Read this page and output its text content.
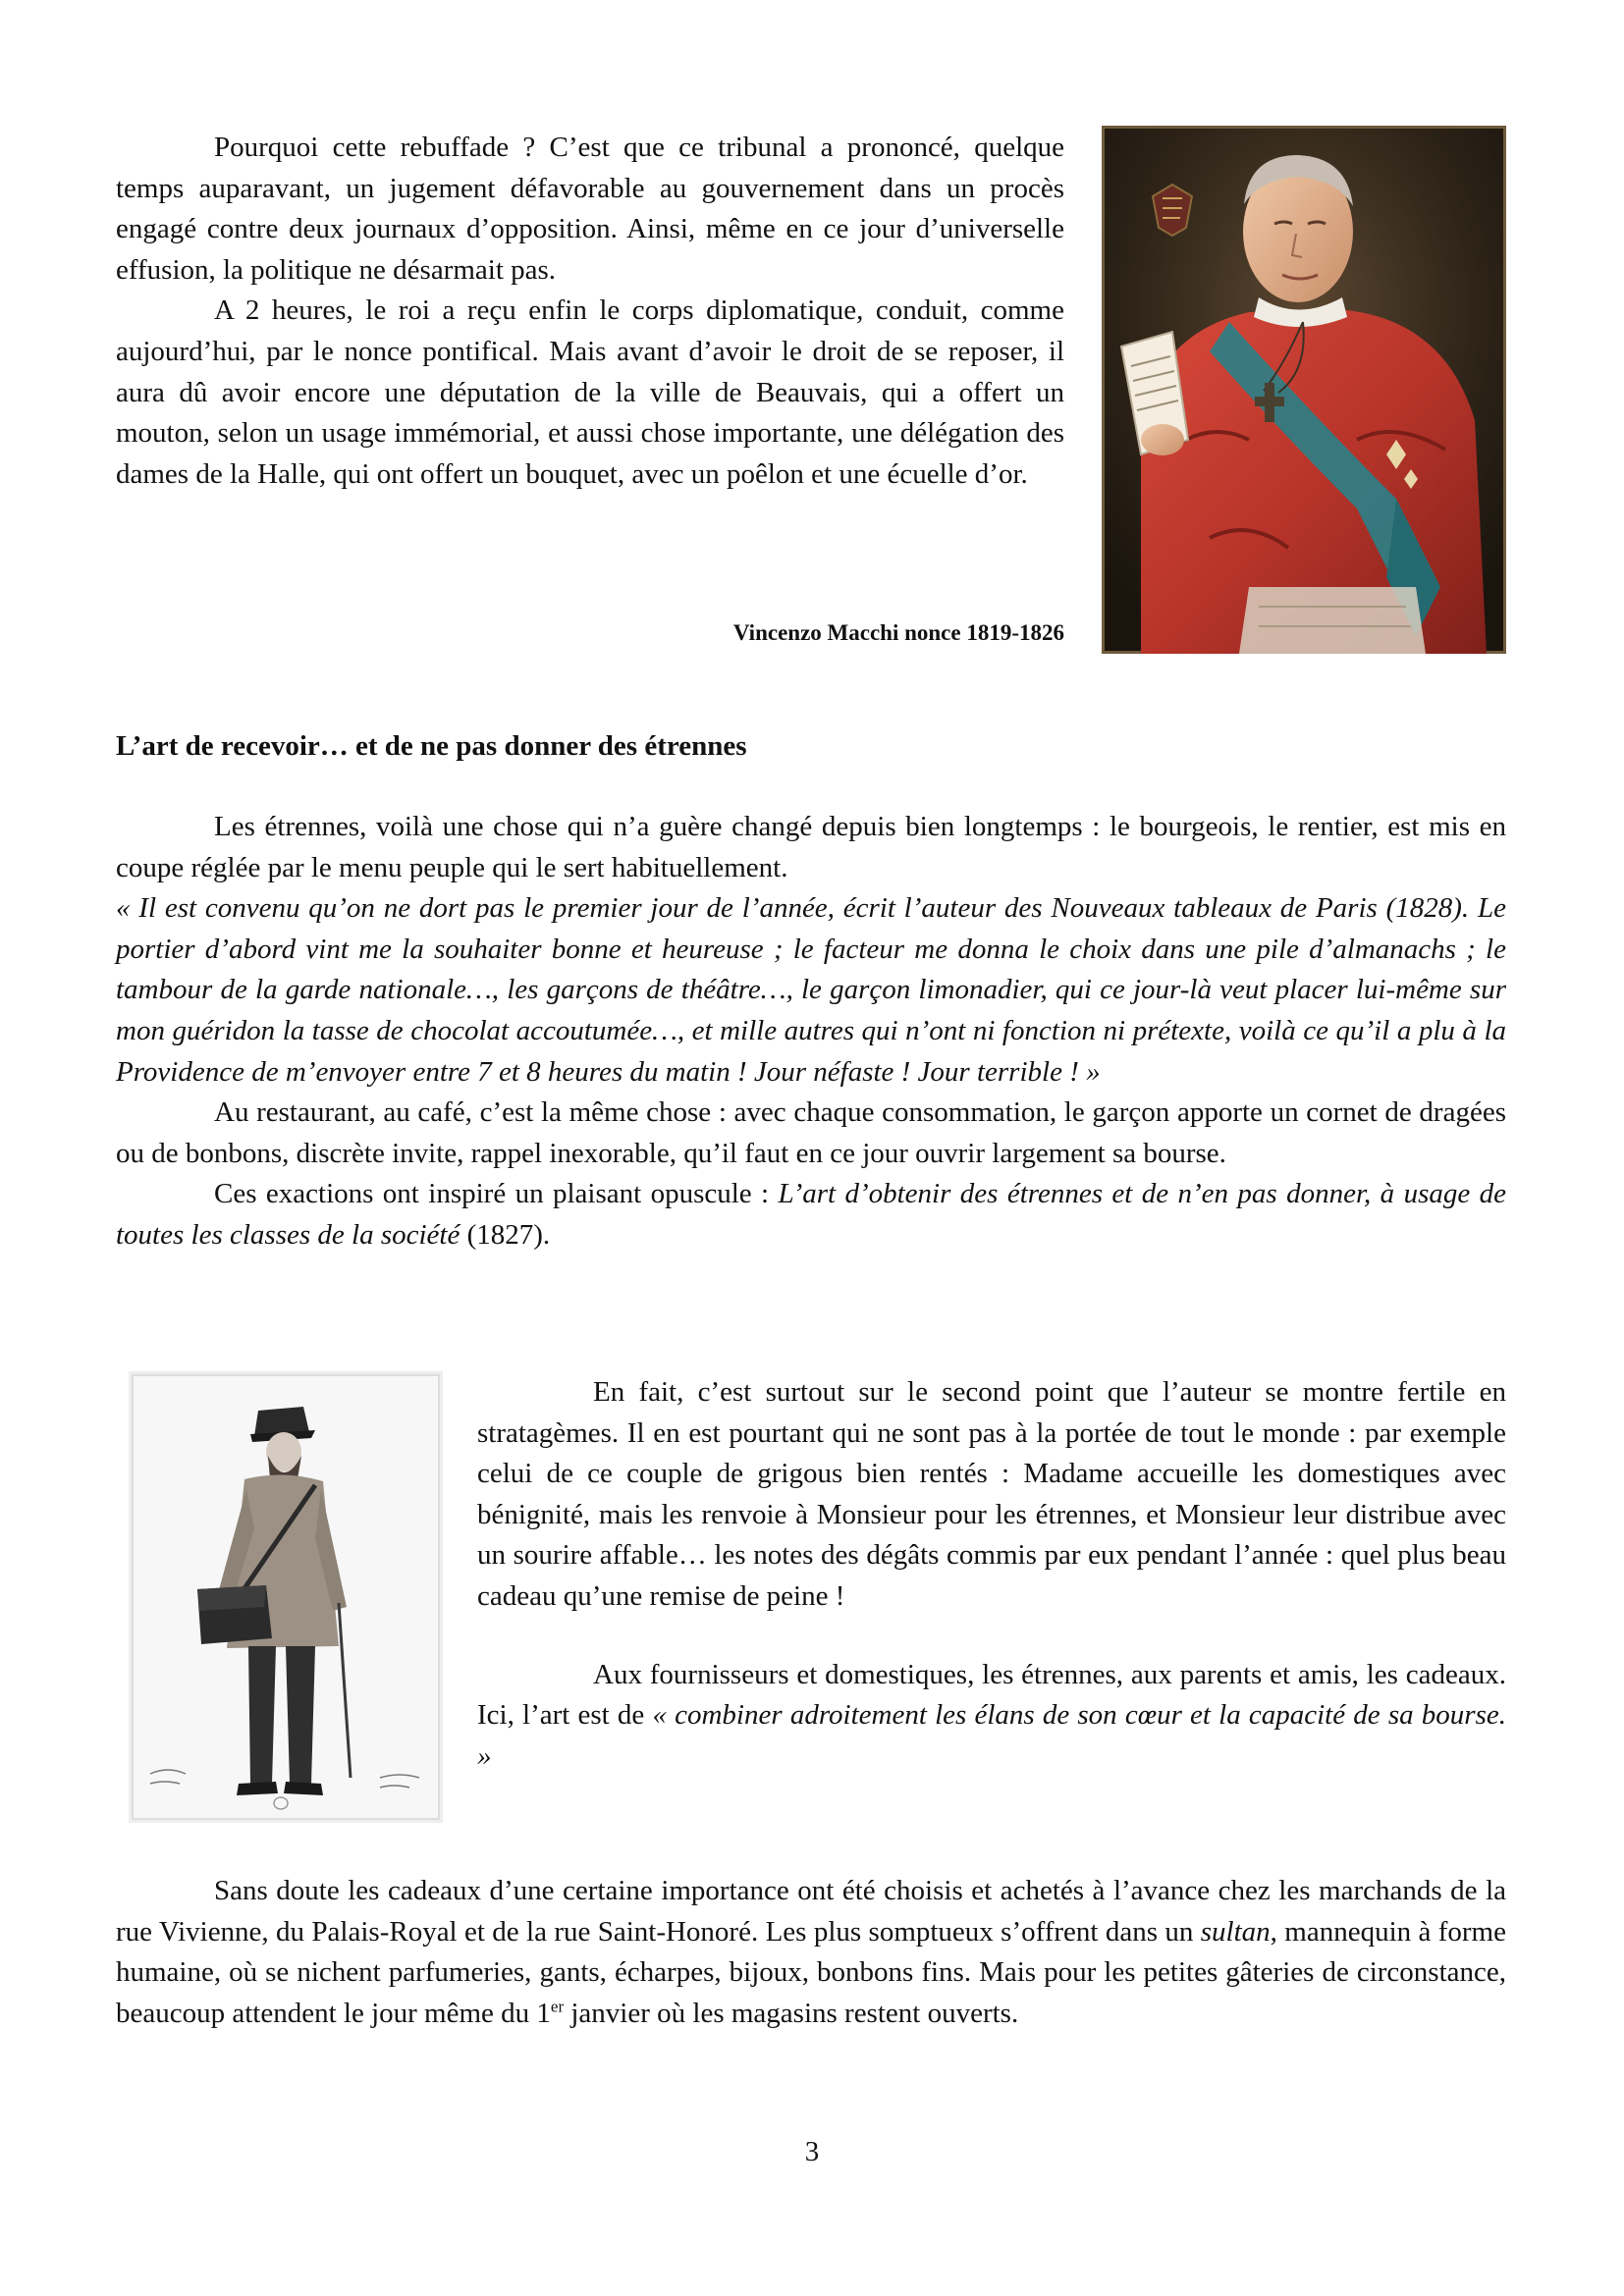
Pourquoi cette rebuffade ? C’est que ce tribunal a prononcé, quelque temps auparavant, un jugement défavorable au gouvernement dans un procès engagé contre deux journaux d’opposition. Ainsi, même en ce jour d’universelle effusion, la politique ne désarmait pas.

A 2 heures, le roi a reçu enfin le corps diplomatique, conduit, comme aujourd’hui, par le nonce pontifical. Mais avant d’avoir le droit de se reposer, il aura dû avoir encore une députation de la ville de Beauvais, qui a offert un mouton, selon un usage immémorial, et aussi chose importante, une délégation des dames de la Halle, qui ont offert un bouquet, avec un poêlon et une écuelle d’or.

Vincenzo Macchi nonce 1819-1826
L’art de recevoir… et de ne pas donner des étrennes

Les étrennes, voilà une chose qui n’a guère changé depuis bien longtemps : le bourgeois, le rentier, est mis en coupe réglée par le menu peuple qui le sert habituellement.

« Il est convenu qu’on ne dort pas le premier jour de l’année, écrit l’auteur des Nouveaux tableaux de Paris (1828). Le portier d’abord vint me la souhaiter bonne et heureuse ; le facteur me donna le choix dans une pile d’almanachs ; le tambour de la garde nationale…, les garçons de théâtre…, le garçon limonadier, qui ce jour-là veut placer lui-même sur mon guéridon la tasse de chocolat accoutumée…, et mille autres qui n’ont ni fonction ni prétexte, voilà ce qu’il a plu à la Providence de m’envoyer entre 7 et 8 heures du matin ! Jour néfaste ! Jour terrible ! »

Au restaurant, au café, c’est la même chose : avec chaque consommation, le garçon apporte un cornet de dragées ou de bonbons, discrète invite, rappel inexorable, qu’il faut en ce jour ouvrir largement sa bourse.

Ces exactions ont inspiré un plaisant opuscule : L’art d’obtenir des étrennes et de n’en pas donner, à usage de toutes les classes de la société (1827).

En fait, c’est surtout sur le second point que l’auteur se montre fertile en stratagèmes. Il en est pourtant qui ne sont pas à la portée de tout le monde : par exemple celui de ce couple de grigous bien rentés : Madame accueille les domestiques avec bénignité, mais les renvoie à Monsieur pour les étrennes, et Monsieur leur distribue avec un sourire affable… les notes des dégâts commis par eux pendant l’année : quel plus beau cadeau qu’une remise de peine !

Aux fournisseurs et domestiques, les étrennes, aux parents et amis, les cadeaux. Ici, l’art est de « combiner adroitement les élans de son cœur et la capacité de sa bourse. »

Sans doute les cadeaux d’une certaine importance ont été choisis et achetés à l’avance chez les marchands de la rue Vivienne, du Palais-Royal et de la rue Saint-Honoré. Les plus somptueux s’offrent dans un sultan, mannequin à forme humaine, où se nichent parfumeries, gants, écharpes, bijoux, bonbons fins. Mais pour les petites gâteries de circonstance, beaucoup attendent le jour même du 1er janvier où les magasins restent ouverts.

3
